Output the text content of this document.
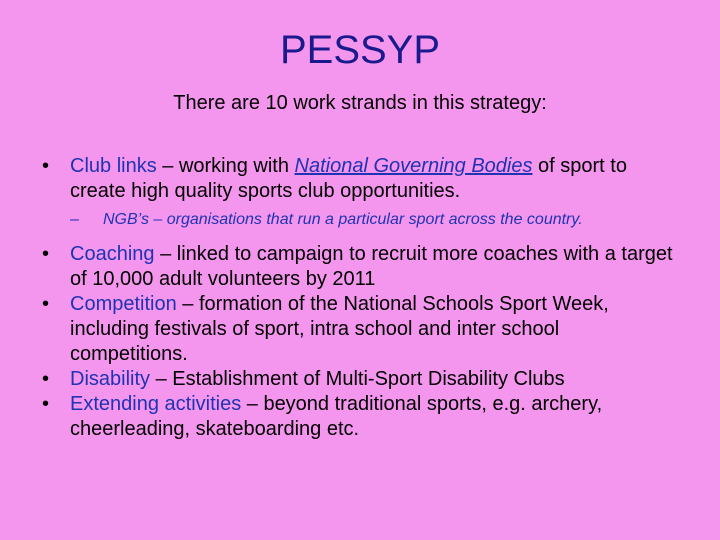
PESSYP
There are 10 work strands in this strategy:
• Club links – working with National Governing Bodies of sport to create high quality sports club opportunities.
– NGB’s – organisations that run a particular sport across the country.
• Coaching – linked to campaign to recruit more coaches with a target of 10,000 adult volunteers by 2011
• Competition – formation of the National Schools Sport Week, including festivals of sport, intra school and inter school competitions.
• Disability – Establishment of Multi-Sport Disability Clubs
• Extending activities – beyond traditional sports, e.g. archery, cheerleading, skateboarding etc.
